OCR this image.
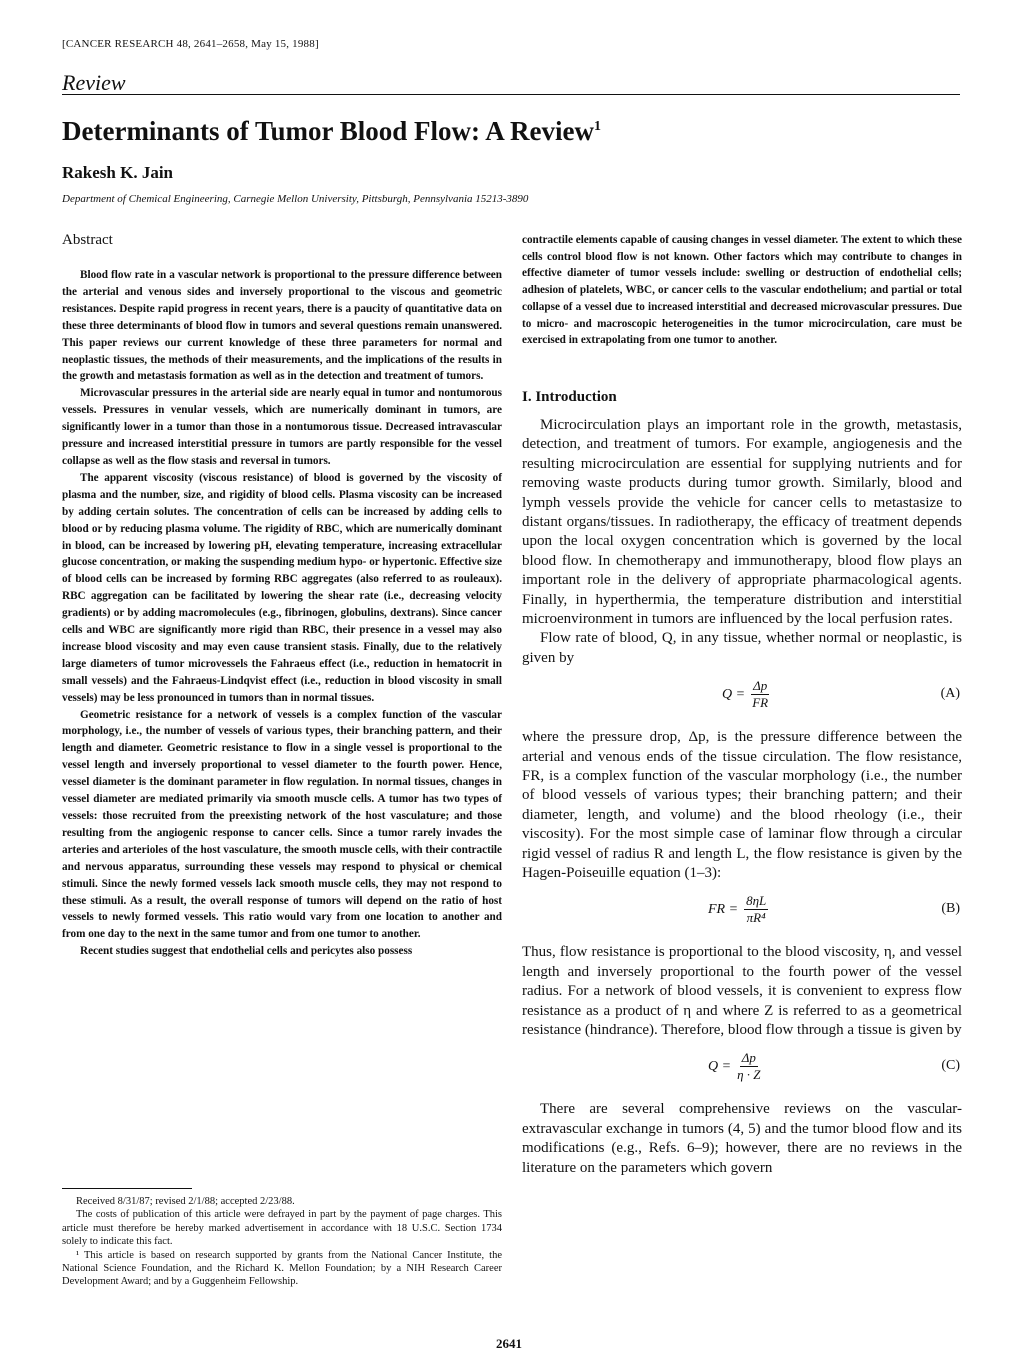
[CANCER RESEARCH 48, 2641–2658, May 15, 1988]
Review
Determinants of Tumor Blood Flow: A Review$^1$
Rakesh K. Jain
Department of Chemical Engineering, Carnegie Mellon University, Pittsburgh, Pennsylvania 15213-3890
Abstract

Blood flow rate in a vascular network is proportional to the pressure difference between the arterial and venous sides and inversely proportional to the viscous and geometric resistances. Despite rapid progress in recent years, there is a paucity of quantitative data on these three determinants of blood flow in tumors and several questions remain unanswered. This paper reviews our current knowledge of these three parameters for normal and neoplastic tissues, the methods of their measurements, and the implications of the results in the growth and metastasis formation as well as in the detection and treatment of tumors.

Microvascular pressures in the arterial side are nearly equal in tumor and nontumorous vessels. Pressures in venular vessels, which are numerically dominant in tumors, are significantly lower in a tumor than those in a nontumorous tissue. Decreased intravascular pressure and increased interstitial pressure in tumors are partly responsible for the vessel collapse as well as the flow stasis and reversal in tumors.

The apparent viscosity (viscous resistance) of blood is governed by the viscosity of plasma and the number, size, and rigidity of blood cells. Plasma viscosity can be increased by adding certain solutes. The concentration of cells can be increased by adding cells to blood or by reducing plasma volume. The rigidity of RBC, which are numerically dominant in blood, can be increased by lowering pH, elevating temperature, increasing extracellular glucose concentration, or making the suspending medium hypo- or hypertonic. Effective size of blood cells can be increased by forming RBC aggregates (also referred to as rouleaux). RBC aggregation can be facilitated by lowering the shear rate (i.e., decreasing velocity gradients) or by adding macromolecules (e.g., fibrinogen, globulins, dextrans). Since cancer cells and WBC are significantly more rigid than RBC, their presence in a vessel may also increase blood viscosity and may even cause transient stasis. Finally, due to the relatively large diameters of tumor microvessels the Fahraeus effect (i.e., reduction in hematocrit in small vessels) and the Fahraeus-Lindqvist effect (i.e., reduction in blood viscosity in small vessels) may be less pronounced in tumors than in normal tissues.

Geometric resistance for a network of vessels is a complex function of the vascular morphology, i.e., the number of vessels of various types, their branching pattern, and their length and diameter. Geometric resistance to flow in a single vessel is proportional to the vessel length and inversely proportional to vessel diameter to the fourth power. Hence, vessel diameter is the dominant parameter in flow regulation. In normal tissues, changes in vessel diameter are mediated primarily via smooth muscle cells. A tumor has two types of vessels: those recruited from the preexisting network of the host vasculature; and those resulting from the angiogenic response to cancer cells. Since a tumor rarely invades the arteries and arterioles of the host vasculature, the smooth muscle cells, with their contractile and nervous apparatus, surrounding these vessels may respond to physical or chemical stimuli. Since the newly formed vessels lack smooth muscle cells, they may not respond to these stimuli. As a result, the overall response of tumors will depend on the ratio of host vessels to newly formed vessels. This ratio would vary from one location to another and from one day to the next in the same tumor and from one tumor to another.

Recent studies suggest that endothelial cells and pericytes also possess

contractile elements capable of causing changes in vessel diameter. The extent to which these cells control blood flow is not known. Other factors which may contribute to changes in effective diameter of tumor vessels include: swelling or destruction of endothelial cells; adhesion of platelets, WBC, or cancer cells to the vascular endothelium; and partial or total collapse of a vessel due to increased interstitial and decreased microvascular pressures. Due to micro- and macroscopic heterogeneities in the tumor microcirculation, care must be exercised in extrapolating from one tumor to another.

I. Introduction

Microcirculation plays an important role in the growth, metastasis, detection, and treatment of tumors. For example, angiogenesis and the resulting microcirculation are essential for supplying nutrients and for removing waste products during tumor growth. Similarly, blood and lymph vessels provide the vehicle for cancer cells to metastasize to distant organs/tissues. In radiotherapy, the efficacy of treatment depends upon the local oxygen concentration which is governed by the local blood flow. In chemotherapy and immunotherapy, blood flow plays an important role in the delivery of appropriate pharmacological agents. Finally, in hyperthermia, the temperature distribution and interstitial microenvironment in tumors are influenced by the local perfusion rates.

Flow rate of blood, Q, in any tissue, whether normal or neoplastic, is given by

$Q = \frac{\Delta p}{FR}$	(A)

where the pressure drop, Δp, is the pressure difference between the arterial and venous ends of the tissue circulation. The flow resistance, FR, is a complex function of the vascular morphology (i.e., the number of blood vessels of various types; their branching pattern; and their diameter, length, and volume) and the blood rheology (i.e., their viscosity). For the most simple case of laminar flow through a circular rigid vessel of radius R and length L, the flow resistance is given by the Hagen-Poiseuille equation (1–3):

FR = $\frac{8\eta L}{\text{πR⁴}}$	(B)

Thus, flow resistance is proportional to the blood viscosity, η, and vessel length and inversely proportional to the fourth power of the vessel radius. For a network of blood vessels, it is convenient to express flow resistance as a product of η and where Z is referred to as a geometrical resistance (hindrance). Therefore, blood flow through a tissue is given by

$Q = \frac{\Delta p}{\eta \cdot Z}$	(C)

There are several comprehensive reviews on the vascular-extravascular exchange in tumors (4, 5) and the tumor blood flow and its modifications (e.g., Refs. 6–9); however, there are no reviews in the literature on the parameters which govern

Received 8/31/87; revised 2/1/88; accepted 2/23/88.

The costs of publication of this article were defrayed in part by the payment of page charges. This article must therefore be hereby marked advertisement in accordance with 18 U.S.C. Section 1734 solely to indicate this fact.

¹ This article is based on research supported by grants from the National Cancer Institute, the National Science Foundation, and the Richard K. Mellon Foundation; by a NIH Research Career Development Award; and by a Guggenheim Fellowship.

2641
